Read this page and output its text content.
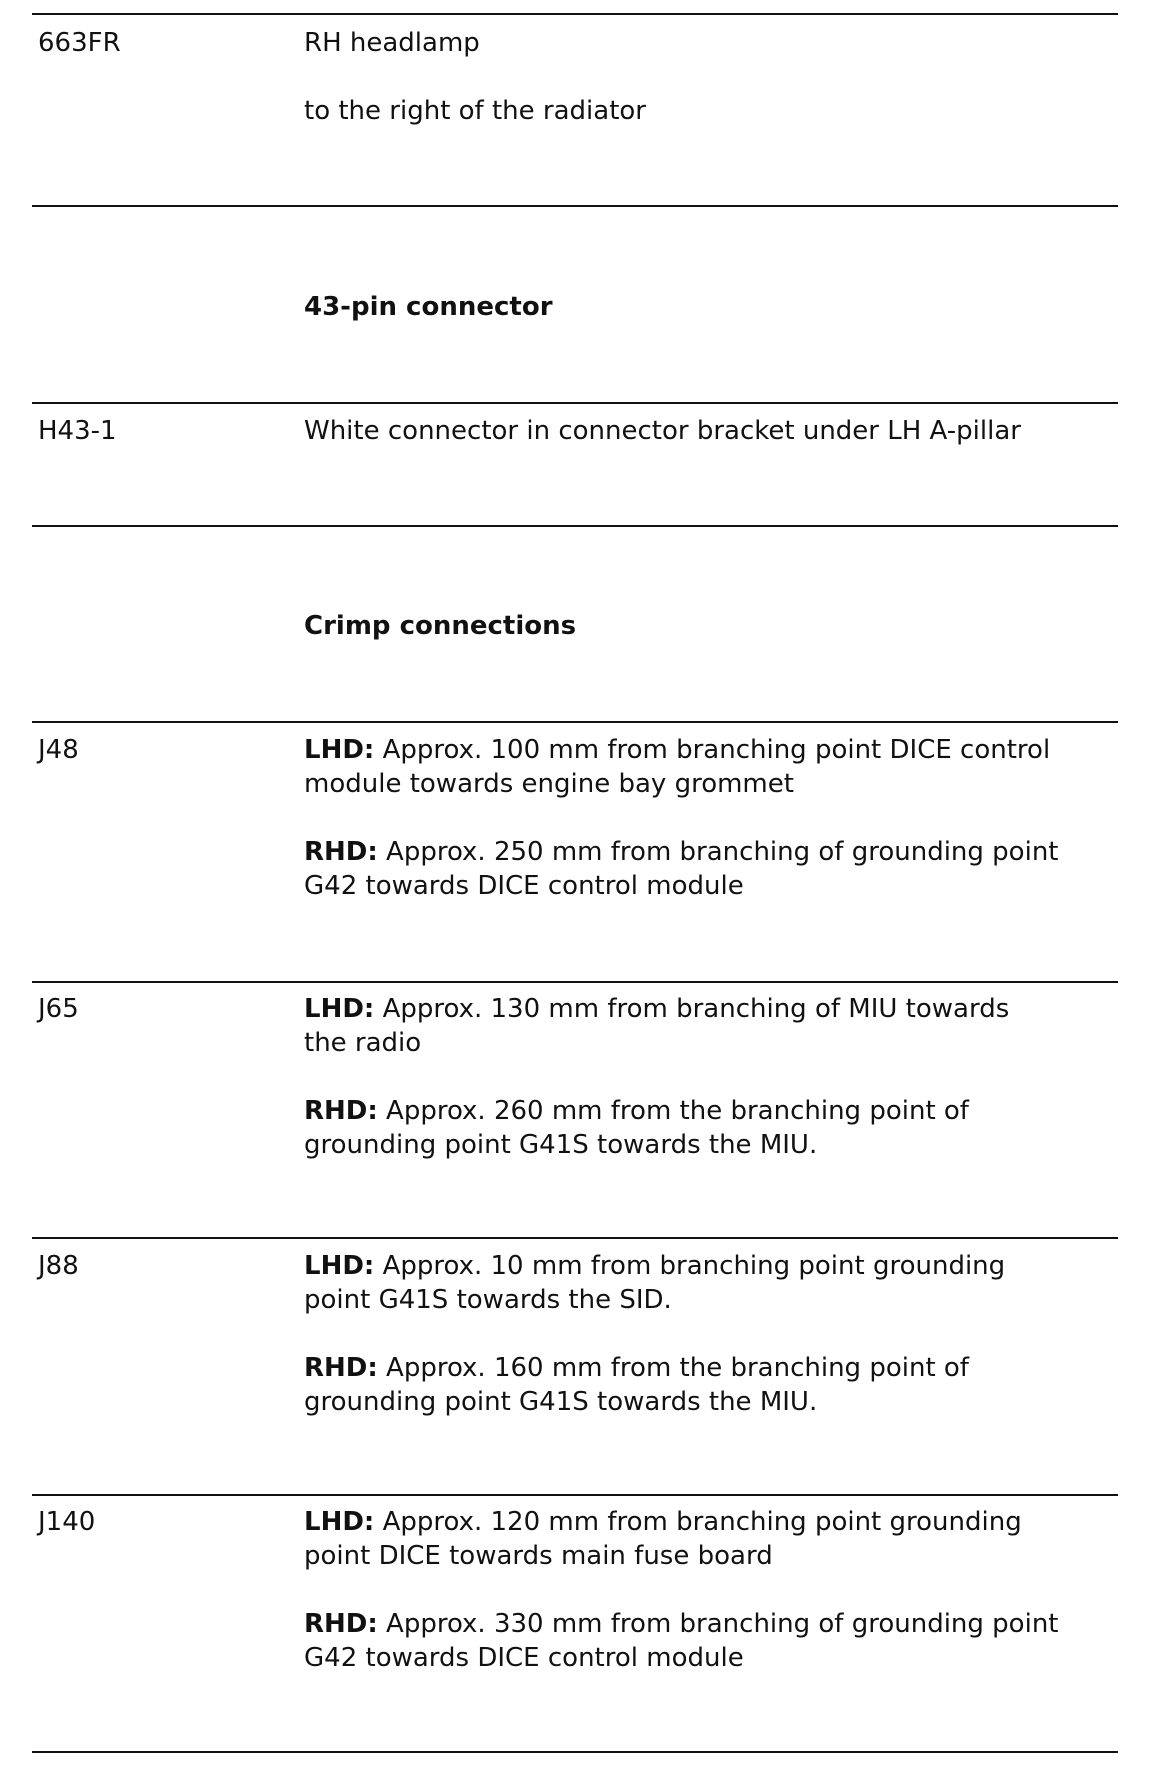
663FR	RH headlamp
to the right of the radiator
43-pin connector
H43-1	White connector in connector bracket under LH A-pillar
Crimp connections
J48	LHD: Approx. 100 mm from branching point DICE control
module towards engine bay grommet
RHD: Approx. 250 mm from branching of grounding point
G42 towards DICE control module
J65	LHD: Approx. 130 mm from branching of MIU towards
the radio
RHD: Approx. 260 mm from the branching point of
grounding point G41S towards the MIU.
J88	LHD: Approx. 10 mm from branching point grounding
point G41S towards the SID.
RHD: Approx. 160 mm from the branching point of
grounding point G41S towards the MIU.
J140	LHD: Approx. 120 mm from branching point grounding
point DICE towards main fuse board
RHD: Approx. 330 mm from branching of grounding point
G42 towards DICE control module
